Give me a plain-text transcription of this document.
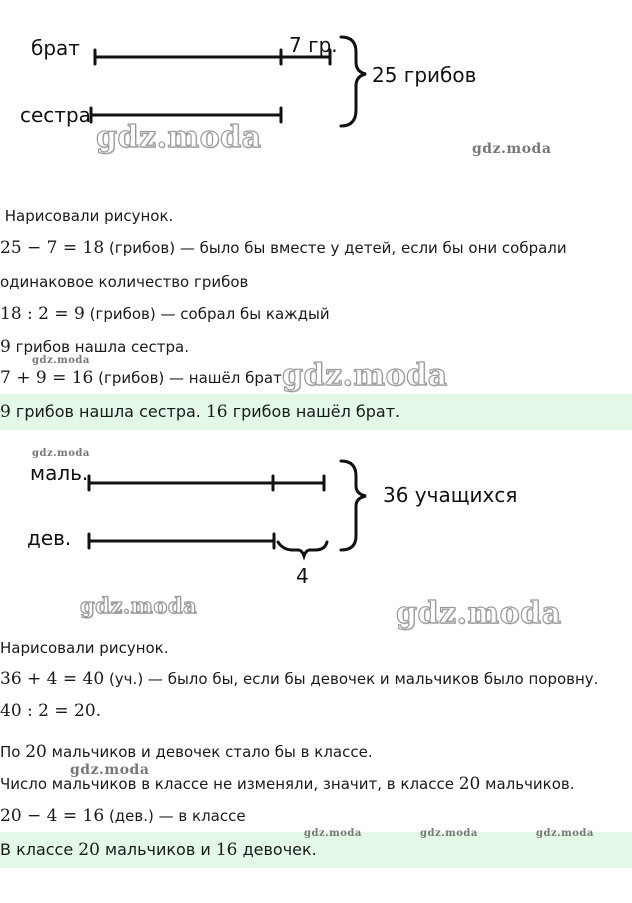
брат
сестра
7 гр.
25 грибов
Нарисовали рисунок.
25 − 7 = 18 (грибов) — было бы вместе у детей, если бы они собрали
одинаковое количество грибов
18 : 2 = 9 (грибов) — собрал бы каждый
9 грибов нашла сестра.
7 + 9 = 16 (грибов) — нашёл брат
9 грибов нашла сестра. 16 грибов нашёл брат.
маль.
дев.
4
36 учащихся
Нарисовали рисунок.
36 + 4 = 40 (уч.) — было бы, если бы девочек и мальчиков было поровну.
40 : 2 = 20.
По 20 мальчиков и девочек стало бы в классе.
Число мальчиков в классе не изменяли, значит, в классе 20 мальчиков.
20 − 4 = 16 (дев.) — в классе
В классе 20 мальчиков и 16 девочек.
gdz.moda	gdz.moda
gdz.moda	gdz.moda
gdz.moda
gdz.moda	gdz.moda
gdz.moda
gdz.moda	gdz.moda	gdz.moda
